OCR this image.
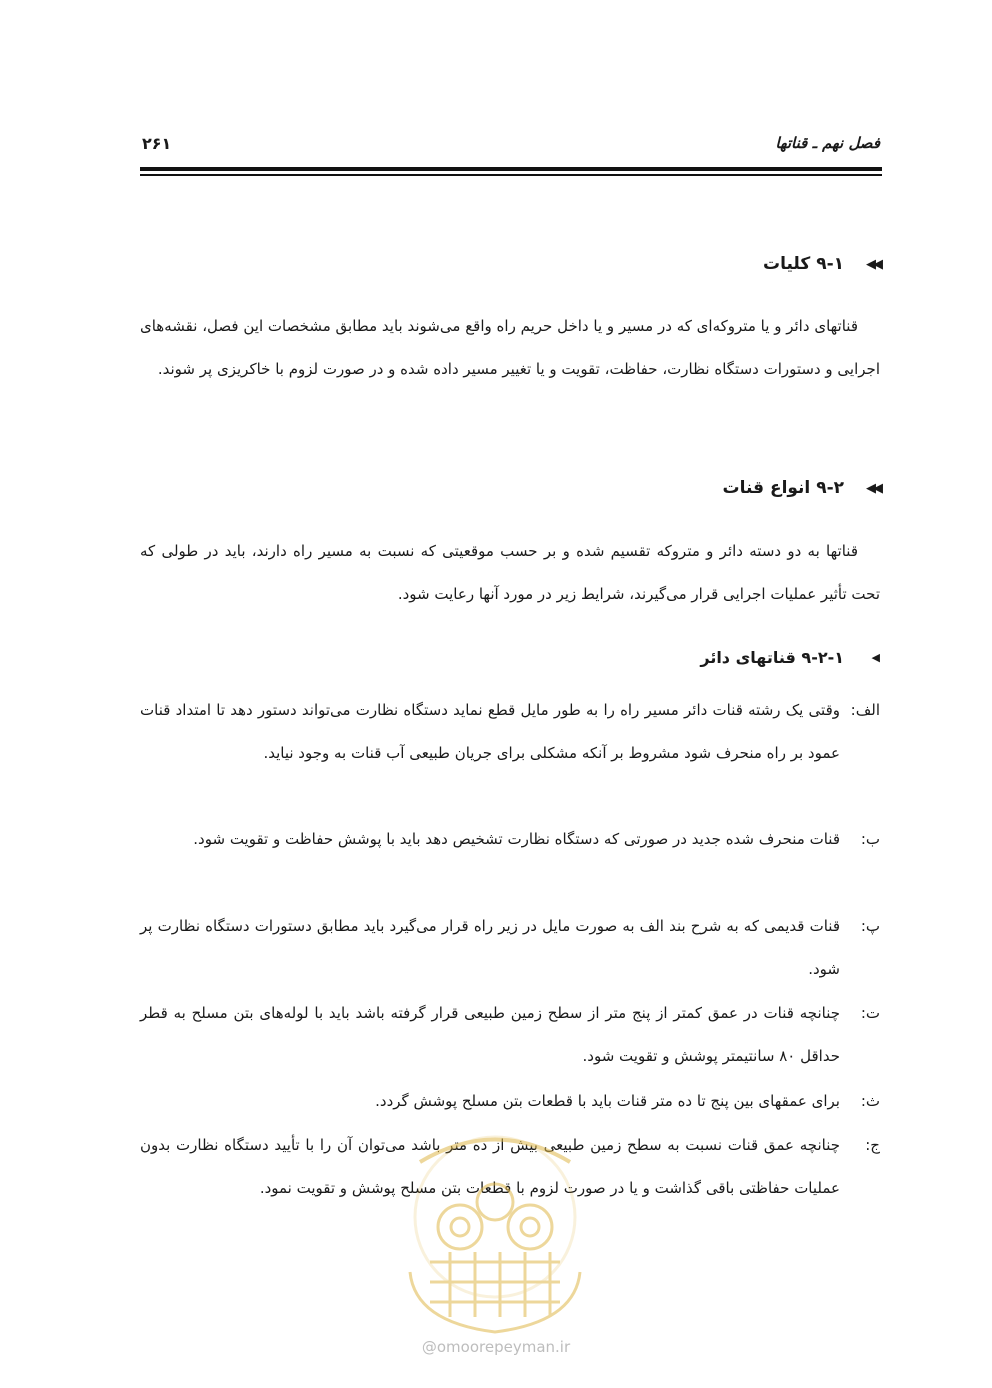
فصل نهم ـ قناتها
۲۶۱
◀◀
۹-۱ کلیات
قناتهای دائر و یا متروکه‌ای که در مسیر و یا داخل حریم راه واقع می‌شوند باید مطابق مشخصات این فصل، نقشه‌های اجرایی و دستورات دستگاه نظارت، حفاظت، تقویت و یا تغییر مسیر داده شده و در صورت لزوم با خاکریزی پر شوند.
◀◀
۹-۲ انواع قنات
قناتها به دو دسته دائر و متروکه تقسیم شده و بر حسب موقعیتی که نسبت به مسیر راه دارند، باید در طولی که تحت تأثیر عملیات اجرایی قرار می‌گیرند، شرایط زیر در مورد آنها رعایت شود.
◀
۹-۲-۱ قناتهای دائر
الف:
وقتی یک رشته قنات دائر مسیر راه را به طور مایل قطع نماید دستگاه نظارت می‌تواند دستور دهد تا امتداد قنات عمود بر راه منحرف شود مشروط بر آنکه مشکلی برای جریان طبیعی آب قنات به وجود نیاید.
ب:
قنات منحرف شده جدید در صورتی که دستگاه نظارت تشخیص دهد باید با پوشش حفاظت و تقویت شود.
پ:
قنات قدیمی که به شرح بند الف به صورت مایل در زیر راه قرار می‌گیرد باید مطابق دستورات دستگاه نظارت پر شود.
ت:
چنانچه قنات در عمق کمتر از پنج متر از سطح زمین طبیعی قرار گرفته باشد باید با لوله‌های بتن مسلح به قطر حداقل ۸۰ سانتیمتر پوشش و تقویت شود.
ث:
برای عمقهای بین پنج تا ده متر قنات باید با قطعات بتن مسلح پوشش گردد.
ج:
چنانچه عمق قنات نسبت به سطح زمین طبیعی بیش از ده متر باشد می‌توان آن را با تأیید دستگاه نظارت بدون عملیات حفاظتی باقی گذاشت و یا در صورت لزوم با قطعات بتن مسلح پوشش و تقویت نمود.
@omoorepeyman.ir
